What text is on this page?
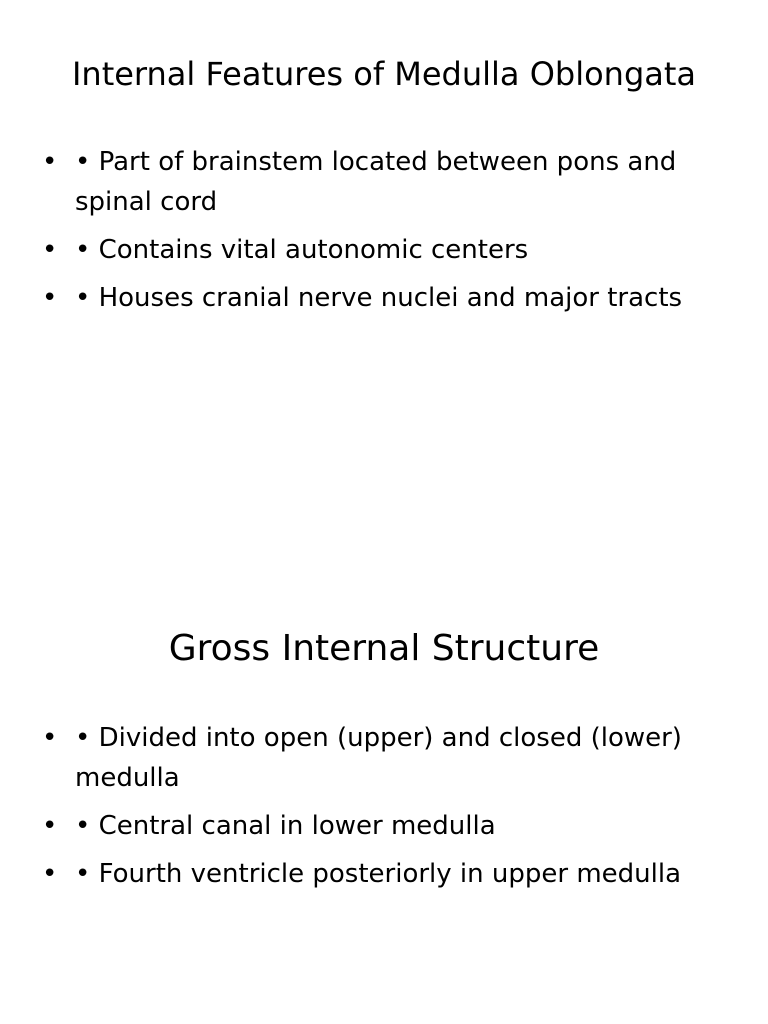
Internal Features of Medulla Oblongata
• • Part of brainstem located between pons and spinal cord
• • Contains vital autonomic centers
• • Houses cranial nerve nuclei and major tracts
Gross Internal Structure
• • Divided into open (upper) and closed (lower) medulla
• • Central canal in lower medulla
• • Fourth ventricle posteriorly in upper medulla
